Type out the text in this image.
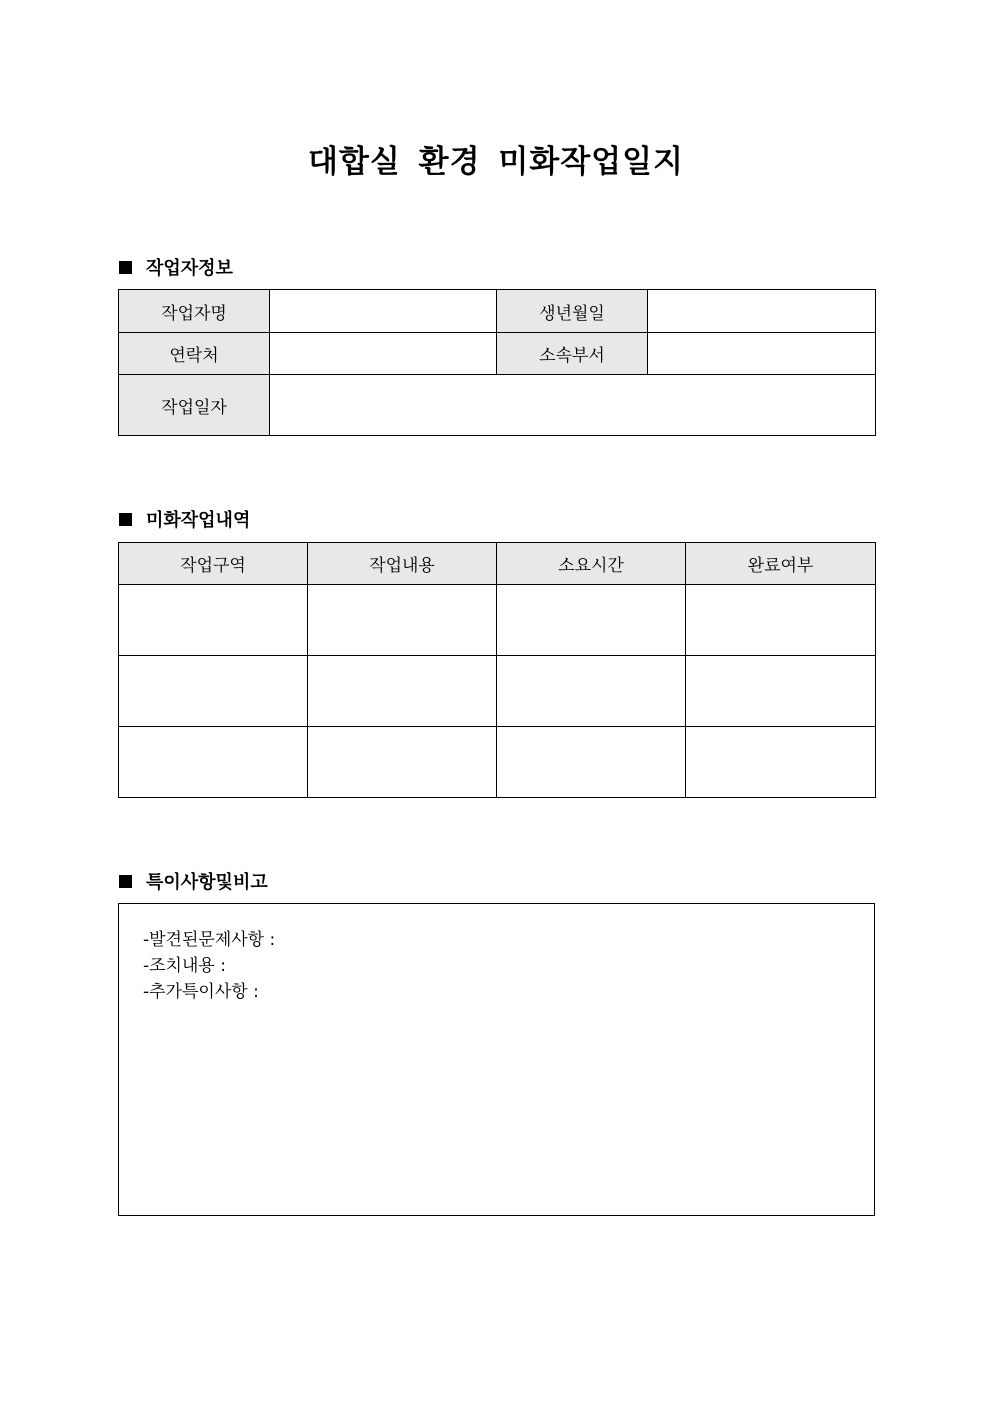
대합실 환경 미화작업일지
작업자정보
작업자명		생년월일	
연락처		소속부서	
작업일자			
미화작업내역
작업구역	작업내용	소요시간	완료여부

특이사항및비고
-발견된문제사항 :
-조치내용 :
-추가특이사항 :
